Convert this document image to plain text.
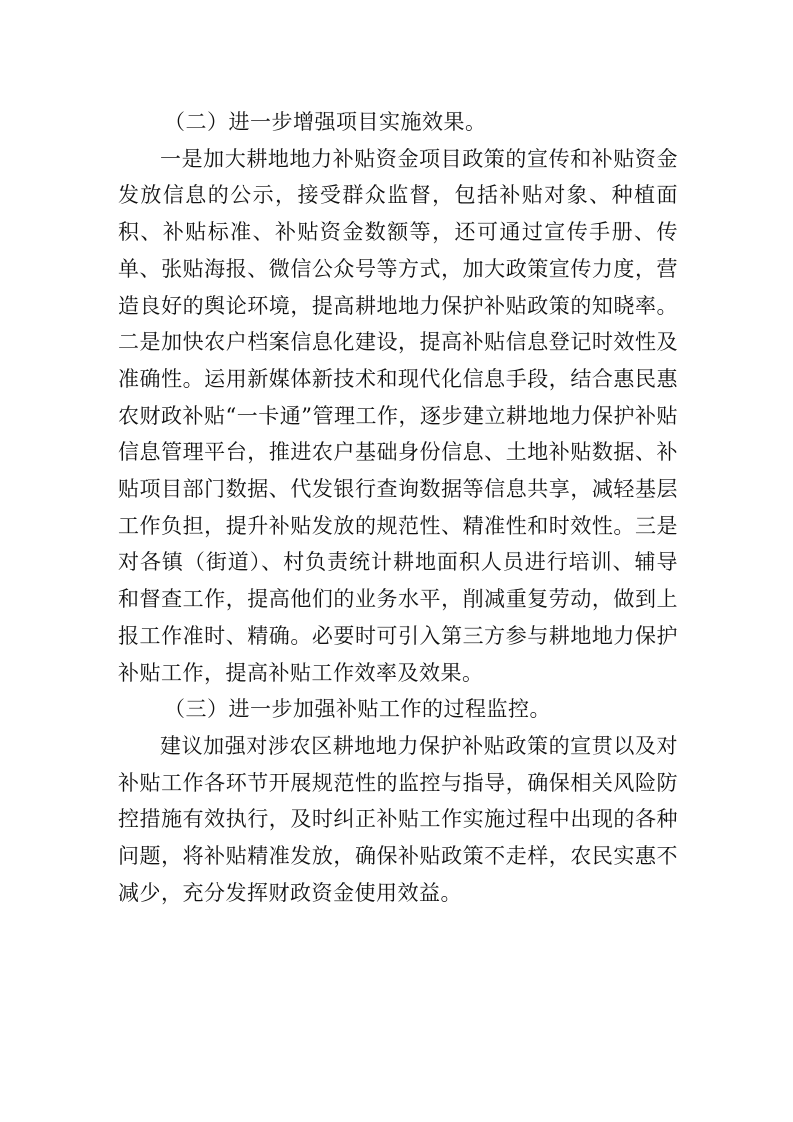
（二）进一步增强项目实施效果。

一是加大耕地地力补贴资金项目政策的宣传和补贴资金发放信息的公示，接受群众监督，包括补贴对象、种植面积、补贴标准、补贴资金数额等，还可通过宣传手册、传单、张贴海报、微信公众号等方式，加大政策宣传力度，营造良好的舆论环境，提高耕地地力保护补贴政策的知晓率。二是加快农户档案信息化建设，提高补贴信息登记时效性及准确性。运用新媒体新技术和现代化信息手段，结合惠民惠农财政补贴“一卡通”管理工作，逐步建立耕地地力保护补贴信息管理平台，推进农户基础身份信息、土地补贴数据、补贴项目部门数据、代发银行查询数据等信息共享，减轻基层工作负担，提升补贴发放的规范性、精准性和时效性。三是对各镇（街道）、村负责统计耕地面积人员进行培训、辅导和督查工作，提高他们的业务水平，削减重复劳动，做到上报工作准时、精确。必要时可引入第三方参与耕地地力保护补贴工作，提高补贴工作效率及效果。

（三）进一步加强补贴工作的过程监控。

建议加强对涉农区耕地地力保护补贴政策的宣贯以及对补贴工作各环节开展规范性的监控与指导，确保相关风险防控措施有效执行，及时纠正补贴工作实施过程中出现的各种问题，将补贴精准发放，确保补贴政策不走样，农民实惠不减少，充分发挥财政资金使用效益。
